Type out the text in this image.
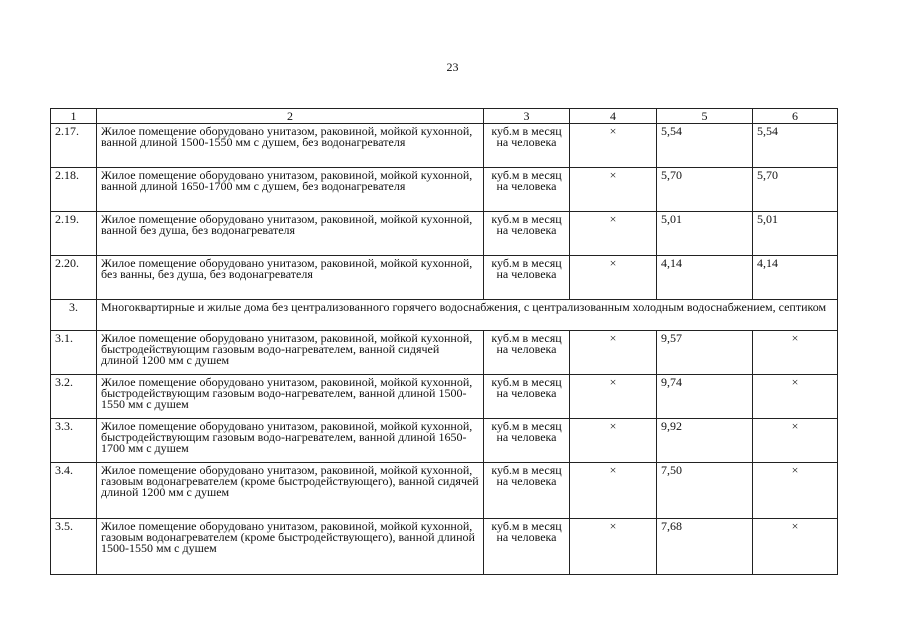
23
1	2	3	4	5	6
2.17.	Жилое помещение оборудовано унитазом, раковиной, мойкой кухонной, ванной длиной 1500-1550 мм с душем, без водонагревателя	куб.м в месяц на человека	×	5,54	5,54
2.18.	Жилое помещение оборудовано унитазом, раковиной, мойкой кухонной, ванной длиной 1650-1700 мм с душем, без водонагревателя	куб.м в месяц на человека	×	5,70	5,70
2.19.	Жилое помещение оборудовано унитазом, раковиной, мойкой кухонной, ванной без душа, без водонагревателя	куб.м в месяц на человека	×	5,01	5,01
2.20.	Жилое помещение оборудовано унитазом, раковиной, мойкой кухонной, без ванны, без душа, без водонагревателя	куб.м в месяц на человека	×	4,14	4,14
3.	Многоквартирные и жилые дома без централизованного горячего водоснабжения, с централизованным холодным водоснабжением, септиком				
3.1.	Жилое помещение оборудовано унитазом, раковиной, мойкой кухонной, быстродействующим газовым водо-нагревателем, ванной сидячей длиной 1200 мм с душем	куб.м в месяц на человека	×	9,57	×
3.2.	Жилое помещение оборудовано унитазом, раковиной, мойкой кухонной, быстродействующим газовым водо-нагревателем, ванной длиной 1500-1550 мм с душем	куб.м в месяц на человека	×	9,74	×
3.3.	Жилое помещение оборудовано унитазом, раковиной, мойкой кухонной, быстродействующим газовым водо-нагревателем, ванной длиной 1650-1700 мм с душем	куб.м в месяц на человека	×	9,92	×
3.4.	Жилое помещение оборудовано унитазом, раковиной, мойкой кухонной, газовым водонагревателем (кроме быстродействующего), ванной сидячей длиной 1200 мм с душем	куб.м в месяц на человека	×	7,50	×
3.5.	Жилое помещение оборудовано унитазом, раковиной, мойкой кухонной, газовым водонагревателем (кроме быстродействующего), ванной длиной 1500-1550 мм с душем	куб.м в месяц на человека	×	7,68	×
